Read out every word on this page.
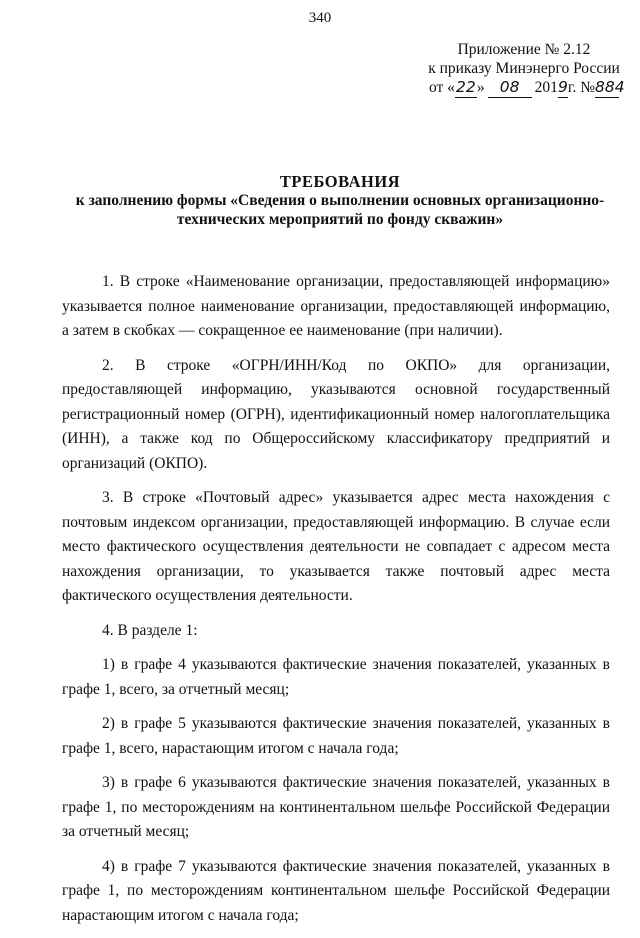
340
Приложение № 2.12
к приказу Минэнерго России
от «22» 08 2019г. №884
ТРЕБОВАНИЯ
к заполнению формы «Сведения о выполнении основных организационно-
технических мероприятий по фонду скважин»

1. В строке «Наименование организации, предоставляющей информацию» указывается полное наименование организации, предоставляющей информацию, а затем в скобках — сокращенное ее наименование (при наличии).

2. В строке «ОГРН/ИНН/Код по ОКПО» для организации, предоставляющей информацию, указываются основной государственный регистрационный номер (ОГРН), идентификационный номер налогоплательщика (ИНН), а также код по Общероссийскому классификатору предприятий и организаций (ОКПО).

3. В строке «Почтовый адрес» указывается адрес места нахождения с почтовым индексом организации, предоставляющей информацию. В случае если место фактического осуществления деятельности не совпадает с адресом места нахождения организации, то указывается также почтовый адрес места фактического осуществления деятельности.

4. В разделе 1:

1) в графе 4 указываются фактические значения показателей, указанных в графе 1, всего, за отчетный месяц;

2) в графе 5 указываются фактические значения показателей, указанных в графе 1, всего, нарастающим итогом с начала года;

3) в графе 6 указываются фактические значения показателей, указанных в графе 1, по месторождениям на континентальном шельфе Российской Федерации за отчетный месяц;

4) в графе 7 указываются фактические значения показателей, указанных в графе 1, по месторождениям континентальном шельфе Российской Федерации нарастающим итогом с начала года;
